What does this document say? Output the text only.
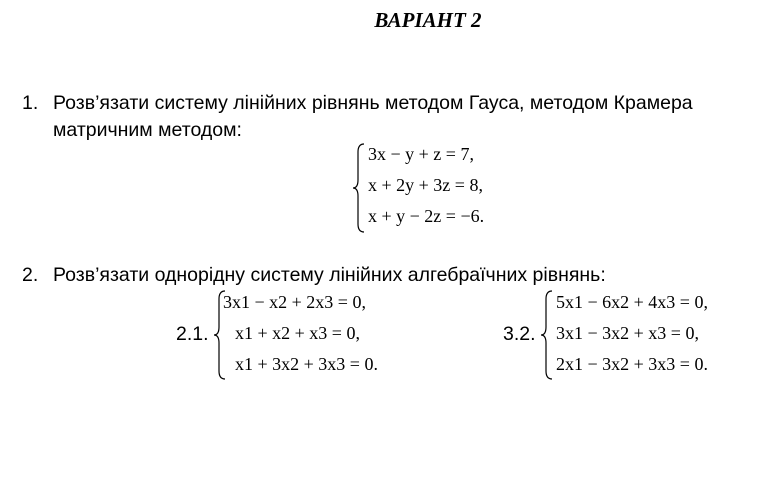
ВАРІАНТ 2
1. Розв’язати систему лінійних рівнянь методом Гауса, методом Крамера
матричним методом:
3x − y + z = 7,
x + 2y + 3z = 8,
x + y − 2z = −6.
2. Розв’язати однорідну систему лінійних алгебраїчних рівнянь:
2.1.
3x1 − x2 + 2x3 = 0,
x1 + x2 + x3 = 0,
x1 + 3x2 + 3x3 = 0.
3.2.
5x1 − 6x2 + 4x3 = 0,
3x1 − 3x2 + x3 = 0,
2x1 − 3x2 + 3x3 = 0.
